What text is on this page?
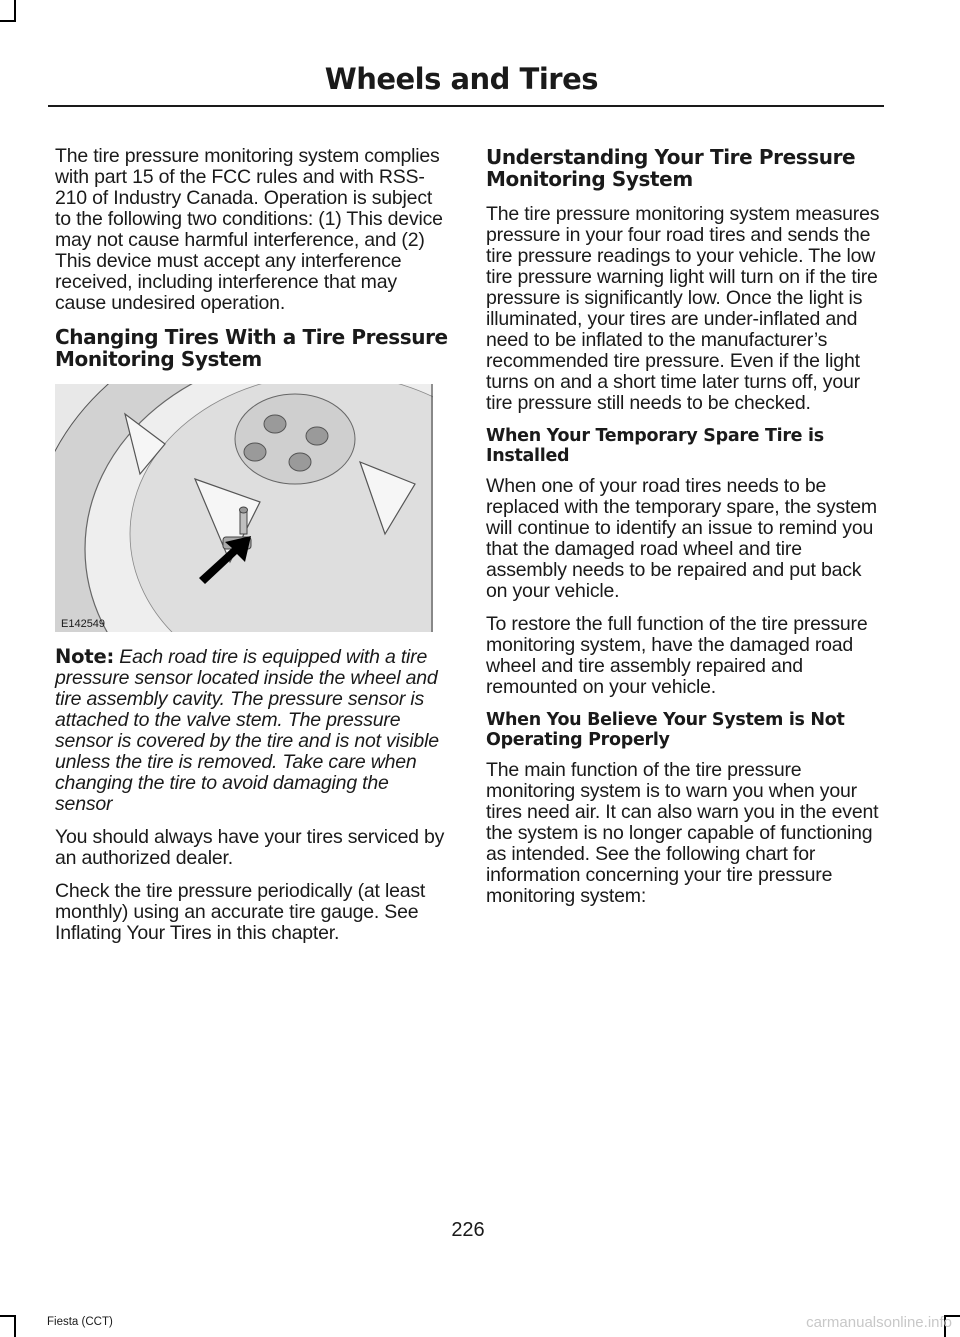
Wheels and Tires

The tire pressure monitoring system complies with part 15 of the FCC rules and with RSS-210 of Industry Canada. Operation is subject to the following two conditions: (1) This device may not cause harmful interference, and (2) This device must accept any interference received, including interference that may cause undesired operation.

Changing Tires With a Tire Pressure Monitoring System
E142549

Note: Each road tire is equipped with a tire pressure sensor located inside the wheel and tire assembly cavity. The pressure sensor is attached to the valve stem. The pressure sensor is covered by the tire and is not visible unless the tire is removed. Take care when changing the tire to avoid damaging the sensor

You should always have your tires serviced by an authorized dealer.

Check the tire pressure periodically (at least monthly) using an accurate tire gauge. See Inflating Your Tires in this chapter.

Understanding Your Tire Pressure Monitoring System

The tire pressure monitoring system measures pressure in your four road tires and sends the tire pressure readings to your vehicle. The low tire pressure warning light will turn on if the tire pressure is significantly low. Once the light is illuminated, your tires are under-inflated and need to be inflated to the manufacturer’s recommended tire pressure. Even if the light turns on and a short time later turns off, your tire pressure still needs to be checked.

When Your Temporary Spare Tire is Installed

When one of your road tires needs to be replaced with the temporary spare, the system will continue to identify an issue to remind you that the damaged road wheel and tire assembly needs to be repaired and put back on your vehicle.

To restore the full function of the tire pressure monitoring system, have the damaged road wheel and tire assembly repaired and remounted on your vehicle.

When You Believe Your System is Not Operating Properly

The main function of the tire pressure monitoring system is to warn you when your tires need air. It can also warn you in the event the system is no longer capable of functioning as intended. See the following chart for information concerning your tire pressure monitoring system:

226
Fiesta (CCT)	carmanualsonline.info
